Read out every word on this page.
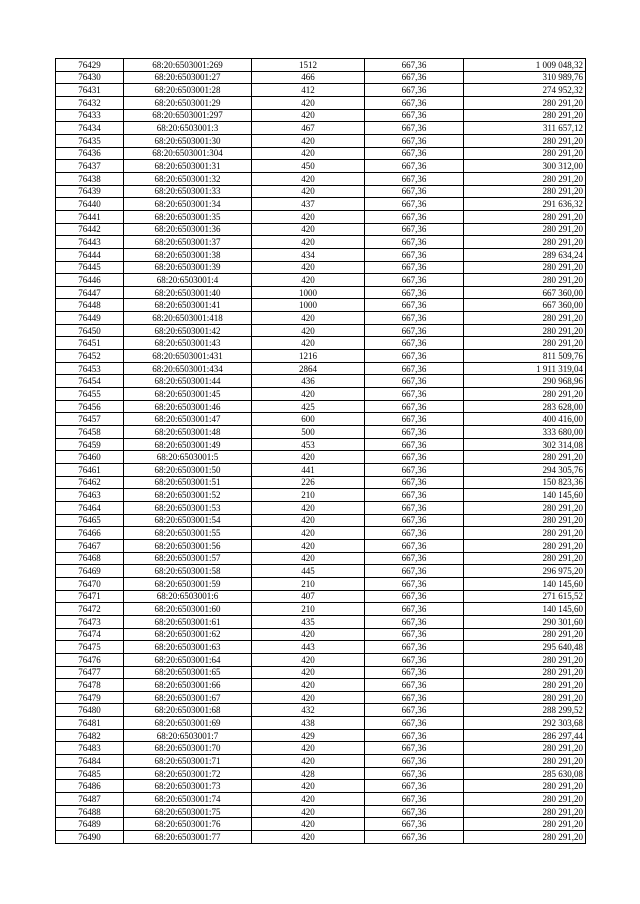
76429	68:20:6503001:269	1512	667,36	1 009 048,32
76430	68:20:6503001:27	466	667,36	310 989,76
76431	68:20:6503001:28	412	667,36	274 952,32
76432	68:20:6503001:29	420	667,36	280 291,20
76433	68:20:6503001:297	420	667,36	280 291,20
76434	68:20:6503001:3	467	667,36	311 657,12
76435	68:20:6503001:30	420	667,36	280 291,20
76436	68:20:6503001:304	420	667,36	280 291,20
76437	68:20:6503001:31	450	667,36	300 312,00
76438	68:20:6503001:32	420	667,36	280 291,20
76439	68:20:6503001:33	420	667,36	280 291,20
76440	68:20:6503001:34	437	667,36	291 636,32
76441	68:20:6503001:35	420	667,36	280 291,20
76442	68:20:6503001:36	420	667,36	280 291,20
76443	68:20:6503001:37	420	667,36	280 291,20
76444	68:20:6503001:38	434	667,36	289 634,24
76445	68:20:6503001:39	420	667,36	280 291,20
76446	68:20:6503001:4	420	667,36	280 291,20
76447	68:20:6503001:40	1000	667,36	667 360,00
76448	68:20:6503001:41	1000	667,36	667 360,00
76449	68:20:6503001:418	420	667,36	280 291,20
76450	68:20:6503001:42	420	667,36	280 291,20
76451	68:20:6503001:43	420	667,36	280 291,20
76452	68:20:6503001:431	1216	667,36	811 509,76
76453	68:20:6503001:434	2864	667,36	1 911 319,04
76454	68:20:6503001:44	436	667,36	290 968,96
76455	68:20:6503001:45	420	667,36	280 291,20
76456	68:20:6503001:46	425	667,36	283 628,00
76457	68:20:6503001:47	600	667,36	400 416,00
76458	68:20:6503001:48	500	667,36	333 680,00
76459	68:20:6503001:49	453	667,36	302 314,08
76460	68:20:6503001:5	420	667,36	280 291,20
76461	68:20:6503001:50	441	667,36	294 305,76
76462	68:20:6503001:51	226	667,36	150 823,36
76463	68:20:6503001:52	210	667,36	140 145,60
76464	68:20:6503001:53	420	667,36	280 291,20
76465	68:20:6503001:54	420	667,36	280 291,20
76466	68:20:6503001:55	420	667,36	280 291,20
76467	68:20:6503001:56	420	667,36	280 291,20
76468	68:20:6503001:57	420	667,36	280 291,20
76469	68:20:6503001:58	445	667,36	296 975,20
76470	68:20:6503001:59	210	667,36	140 145,60
76471	68:20:6503001:6	407	667,36	271 615,52
76472	68:20:6503001:60	210	667,36	140 145,60
76473	68:20:6503001:61	435	667,36	290 301,60
76474	68:20:6503001:62	420	667,36	280 291,20
76475	68:20:6503001:63	443	667,36	295 640,48
76476	68:20:6503001:64	420	667,36	280 291,20
76477	68:20:6503001:65	420	667,36	280 291,20
76478	68:20:6503001:66	420	667,36	280 291,20
76479	68:20:6503001:67	420	667,36	280 291,20
76480	68:20:6503001:68	432	667,36	288 299,52
76481	68:20:6503001:69	438	667,36	292 303,68
76482	68:20:6503001:7	429	667,36	286 297,44
76483	68:20:6503001:70	420	667,36	280 291,20
76484	68:20:6503001:71	420	667,36	280 291,20
76485	68:20:6503001:72	428	667,36	285 630,08
76486	68:20:6503001:73	420	667,36	280 291,20
76487	68:20:6503001:74	420	667,36	280 291,20
76488	68:20:6503001:75	420	667,36	280 291,20
76489	68:20:6503001:76	420	667,36	280 291,20
76490	68:20:6503001:77	420	667,36	280 291,20
